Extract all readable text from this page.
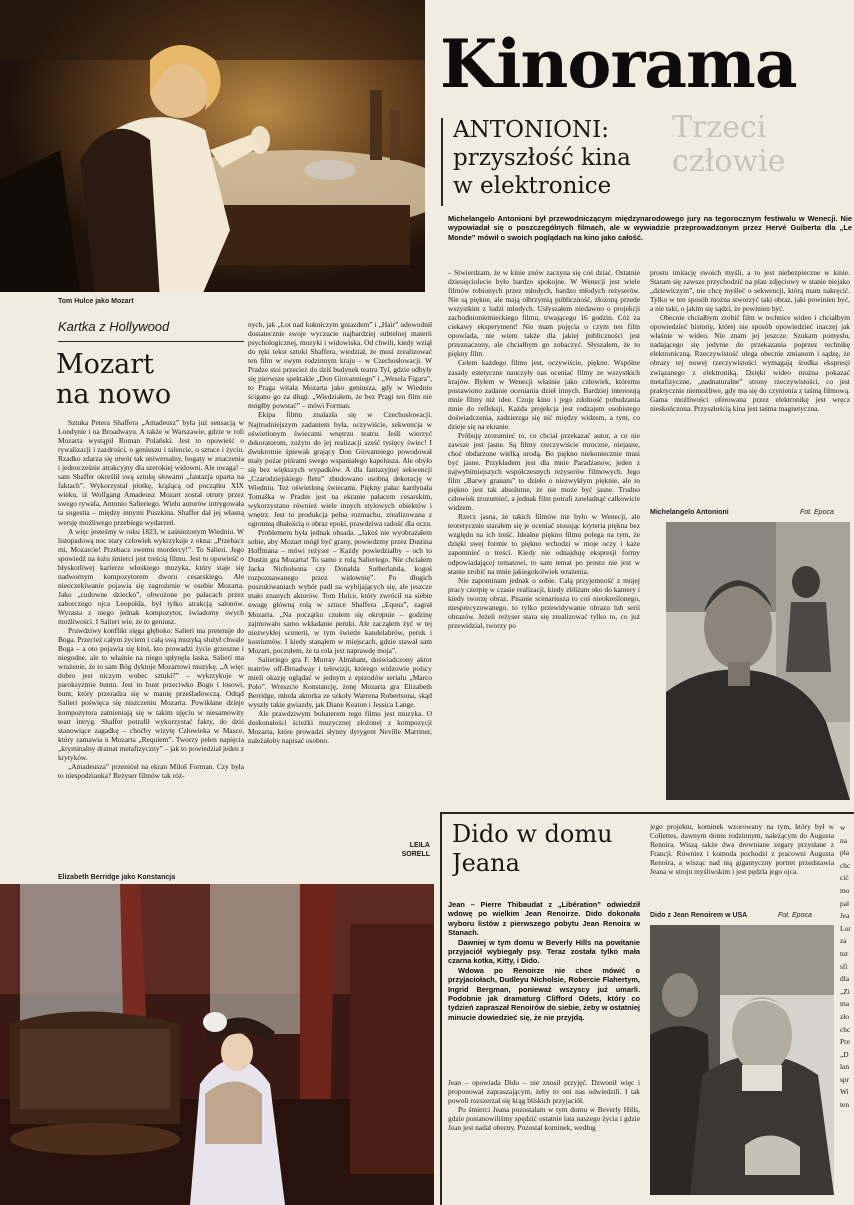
Tom Hulce jako Mozart
Kinorama
Trzeci
człowie
ANTONIONI:
przyszłość kina
w elektronice

Michelangelo Antonioni był przewodniczącym międzynarodowego jury na tegorocznym festiwalu w Wenecji. Nie wypowiadał się o poszczególnych filmach, ale w wywiadzie przeprowadzonym przez Hervé Guiberta dla „Le Monde” mówił o swoich poglądach na kino jako całość.

Kartka z Hollywood
Mozart
na nowo

Sztuka Petera Shaffera „Amadeusz” była już sensacją w Londynie i na Broadwayu. A także w Warszawie, gdzie w roli Mozarta wystąpił Roman Polański. Jest to opowieść o rywalizacji i zazdrości, o geniuszu i talencie, o sztuce i życiu. Rzadko zdarza się utwór tak uniwersalny, bogaty w znaczenia i jednocześnie atrakcyjny dla szerokiej widowni. Ale uwaga! – sam Shaffer określił swą sztukę słowami „fantazja oparta na faktach”. Wykorzystał plotkę, krążącą od początku XIX wieku, iż Wolfgang Amadeusz Mozart został otruty przez swego rywala, Antonio Salieriego. Wielu autorów intrygowała ta sugestia – między innymi Puszkina. Shaffer dał jej własną wersję możliwego przebiegu wydarzeń.

A więc jesteśmy w roku 1823, w zaśnieżonym Wiedniu. W listopadową noc stary człowiek wykrzykuje z okna: „Przebacz mi, Mozarcie! Przebacz swemu mordercy!”. To Salieri. Jego spowiedź na łożu śmierci jest treścią filmu. Jest to opowieść o błyskotliwej karierze włoskiego muzyka, który staje się nadwornym kompozytorem dworu cesarskiego. Ale nieoczekiwanie pojawia się zagrożenie w osobie Mozarta. Jako „cudowne dziecko”, obwożone po pałacach przez zaborczego ojca Leopolda, był tylko atrakcją salonów. Wyrasta z niego jednak kompozytor, świadomy swych możliwości. I Salieri wie, że to geniusz.

Prawdziwy konflikt sięga głęboko: Salieri ma pretensje do Boga. Przecież całym życiem i całą swą muzyką służył chwale Boga – a oto pojawia się ktoś, kto prowadzi życie grzeszne i niegodne, ale to właśnie na niego spłynęła łaska. Salieri ma wrażenie, że to sam Bóg dyktuje Mozartowi muzykę. „A więc dobro jest niczym wobec sztuki?” – wykrzykuje w paroksyzmie buntu. Jest to bunt przeciwko Bogu i losowi, bunt, który przeradza się w manię prześladowczą. Odtąd Salieri poświęca się niszczeniu Mozarta. Powikłane dzieje kompozytora zamieniają się w takim ujęciu w niesamowity teatr intryg. Shaffer potrafił wykorzystać fakty, do dziś stanowiące zagadkę – choćby wizytę Człowieka w Masce, który zamawia u Mozarta „Requiem”. Tworzy pełen napięcia „kryminalny dramat metafizyczny” – jak to powiedział jeden z krytyków.

„Amadeusza” przeniósł na ekran Miloš Forman. Czy była to niespodzianka? Reżyser filmów tak róż-

nych, jak „Lot nad kukułczym gniazdem” i „Hair” udowodnił dostatecznie swoje wyczucie najbardziej subtelnej materii psychologicznej, muzyki i widowiska. Od chwili, kiedy wziął do ręki tekst sztuki Shaffera, wiedział, że musi zrealizować ten film w swym rodzinnym kraju – w Czechosłowacji. W Pradze stoi przecież do dziś budynek teatru Tyl, gdzie odbyły się pierwsze spektakle „Don Giovanniego” i „Wesela Figara”, to Praga witała Mozarta jako geniusza, gdy w Wiedniu ścigano go za długi. „Wiedziałem, że bez Pragi ten film nie mógłby powstać” – mówi Forman.

Ekipa filmu znalazła się w Czechosłowacji. Najtrudniejszym zadaniem była, oczywiście, sekwencja w oświetlonym świecami wnętrzu teatru. Jeśli wierzyć dekoratorom, zużyto do jej realizacji sześć tysięcy świec! I dwukrotnie śpiewak grający Don Giovanniego powodował mały pożar piórami swego wspaniałego kapelusza. Ale obyło się bez większych wypadków. A dla fantazyjnej sekwencji „Czarodziejskiego fletu” zbudowano osobną dekorację w Wiedniu. Też oświetloną świecami. Piękny pałac kardynała Tomaška w Pradze jest na ekranie pałacem cesarskim, wykorzystano również wiele innych stylowych obiektów i wnętrz. Jest to produkcja pełna rozmachu, zrealizowana z ogromną dbałością o obraz epoki, prawdziwa radość dla oczu.

Problemem była jednak obsada. „Jakoś nie wyobrażałem sobie, aby Mozart mógł być grany, powiedzmy przez Dustina Hoffmana – mówi reżyser – Każdy powiedziałby – och to Dustin gra Mozarta! To samo z rolą Salieriego. Nie chciałem Jacka Nicholsona czy Donalda Sutherlanda, kogoś rozpoznawanego przez widownię”. Po długich poszukiwaniach wybór padł na wybijających się, ale jeszcze mało znanych aktorów. Tom Hulce, który zwrócił na siebie uwagę główną rolą w sztuce Shaffera „Equus”, zagrał Mozarta. „Na początku czułem się okropnie – godzinę zajmowało samo wkładanie peruki. Ale zacząłem żyć w tej niezwykłej scenerii, w tym świetle kandelabrów, peruk i kostiumów. I kiedy stanąłem w miejscach, gdzie stawał sam Mozart, poczułem, że ta rola jest naprawdę moja”.

Salieriego gra F. Murray Abraham, doświadczony aktor teatrów off-Broadway i telewizji, którego widzowie polscy mieli okazję oglądać w jednym z epizodów serialu „Marco Polo”. Wreszcie Konstancję, żonę Mozarta gra Elizabeth Berridge, młoda aktorka ze szkoły Warrena Robertsona, skąd wyszły takie gwiazdy, jak Diane Keaton i Jessica Lange.

Ale prawdziwym bohaterem tego filmu jest muzyka. O doskonałości ścieżki muzycznej złożonej z kompozycji Mozarta, które prowadzi słynny dyrygent Neville Marriner, należałoby napisać osobno.

LEILA
SORELL
Elizabeth Berridge jako Konstancja

– Stwierdzam, że w kinie znów zaczyna się coś dziać. Ostatnie dziesięciolecie było bardzo spokojne. W Wenecji jest wiele filmów robionych przez młodych, bardzo młodych reżyserów. Nie są piękne, ale mają olbrzymią publiczność, złożoną przede wszystkim z ludzi młodych. Usłyszałem niedawno o projekcji zachodnioniemieckiego filmu, trwającego 16 godzin. Cóż za ciekawy eksperyment! Nie mam pojęcia o czym ten film opowiada, nie wiem także dla jakiej publiczności jest przeznaczony, ale chciałbym go zobaczyć. Słyszałem, że to piękny film.

Celem każdego filmu jest, oczywiście, piękno. Wspólne zasady estetyczne nauczyły nas oceniać filmy ze wszystkich krajów. Byłem w Wenecji właśnie jako człowiek, któremu postawiono zadanie oceniania dzieł innych. Bardziej interesują mnie filmy niż idee. Czuję kino i jego zdolność pobudzania mnie do refleksji. Każda projekcja jest rodzajem osobistego doświadczenia, zadzierzga się nić między widzem, a tym, co dzieje się na ekranie.

Próbuję zrozumieć to, co chciał przekazać autor, a co nie zawsze jest jasne. Są filmy rzeczywiście mroczne, niejasne, choć obdarzone wielką urodą. Bo piękno niekoniecznie musi być jasne. Przykładem jest dla mnie Paradżanow, jeden z najwybitniejszych współczesnych reżyserów filmowych. Jego film „Barwy granatu” to dzieło o niezwykłym pięknie, ale to piękno jest tak absolutne, że nie może być jasne. Trudno człowiek zrozumieć, a jednak film potrafi zawładnąć całkowicie widzem.

Rzecz jasna, że takich filmów nie było w Wenecji, ale teoretycznie starałem się je oceniać stosując kryteria piękna bez względu na ich treść. Idealne piękno filmu polega na tym, że dzięki swej formie to piękno wchodzi w moje oczy i każe zapomnieć o treści. Kiedy nie odnajduję ekspresji formy odpowiadającej tematowi, to sam temat po prostu nie jest w stanie zrobić na mnie jakiegokolwiek wrażenia.

Nie zapominam jednak o sobie. Całą przyjemność z mojej pracy czerpię w czasie realizacji, kiedy zbliżam oko do kamery i kiedy tworzę obraz. Pisanie scenariusza to coś nieokreślonego, niesprecyzowanego, to tylko przewidywanie obrazu lub serii obrazów. Jeżeli reżyser stara się zrealizować tylko to, co już przewidział, tworzy po

prostu imitację swoich myśli, a to jest niebezpieczne w kinie. Staram się zawsze przychodzić na plan zdjęciowy w stanie niejako „dziewiczym”, nie chcę myśleć o sekwencji, którą mam nakręcić. Tylko w ten sposób można stworzyć taki obraz, jaki powinien być, a nie taki, o jakim się sądzi, że powinien być.

Obecnie chciałbym zrobić film w technice wideo i chciałbym opowiedzieć historię, której nie sposób opowiedzieć inaczej jak właśnie w wideo. Nie znam jej jeszcze. Szukam pomysłu, nadającego się jedynie do przekazania poprzez technikę elektroniczną. Rzeczywistość ulega obecnie zmianom i sądzę, że obrazy tej nowej rzeczywistości wymagają środka ekspresji związanego z elektroniką. Dzięki wideo można pokazać metafizyczne, „nadnaturalne” strony rzeczywistości, co jest praktycznie niemożliwe, gdy ma się do czynienia z taśmą filmową. Gama możliwości oferowana przez elektronikę jest wręcz nieskończona. Przyszłością kina jest taśma magnetyczna.

Michelangelo Antonioni	Fot. Epoca
Dido w domu
Jeana

Jean – Pierre Thibaudat z „Libération” odwiedził wdowę po wielkim Jean Renoirze. Dido dokonała wyboru listów z pierwszego pobytu Jean Renoira w Stanach.

Dawniej w tym domu w Beverly Hills na powitanie przyjaciół wybiegały psy. Teraz została tylko mała czarna kotka, Kitty, i Dido.

Wdowa po Renoirze nie chce mówić o przyjaciołach, Dudleyu Nicholsie, Robercie Flahertym, Ingrid Bergman, ponieważ wszyscy już umarli. Podobnie jak dramaturg Clifford Odets, który co tydzień zapraszał Renoirów do siebie, żeby w ostatniej minucie dowiedzieć się, że nie przyjdą.

Jean – opowiada Dido – nie znosił przyjęć. Dzwonił więc i proponował zapraszającym, żeby to oni nas odwiedzili. I tak powoli rozszerzał się krąg bliskich przyjaciół.

Po śmierci Jeana pozostałam w tym domu w Beverly Hills, gdzie postanowiliśmy spędzić ostatnie lata naszego życia i gdzie Jean jest nadal obecny. Pozostał kominek, według

jego projektu, kominek wzorowany na tym, który był w Collettes, dawnym domu rodzinnym, należącym do Augusta Renoira. Wiszą także dwa drewniane zegary przysłane z Francji. Równiez i komoda pochodzi z pracowni Augusta Renoira, a wisząc nad nią gigantyczny portret przedstawia Jeana w stroju myśliwskim i jest pędzla jego ojca.

Dido z Jean Renoirem w USA	Fot. Epoca
w
na
pla
chc
cić
mo
pal
Jea
Lor
za
tur
sfi
dla
„Zi
ma
zło
chc
Pre
„D
lan
spr
Wi
ten
